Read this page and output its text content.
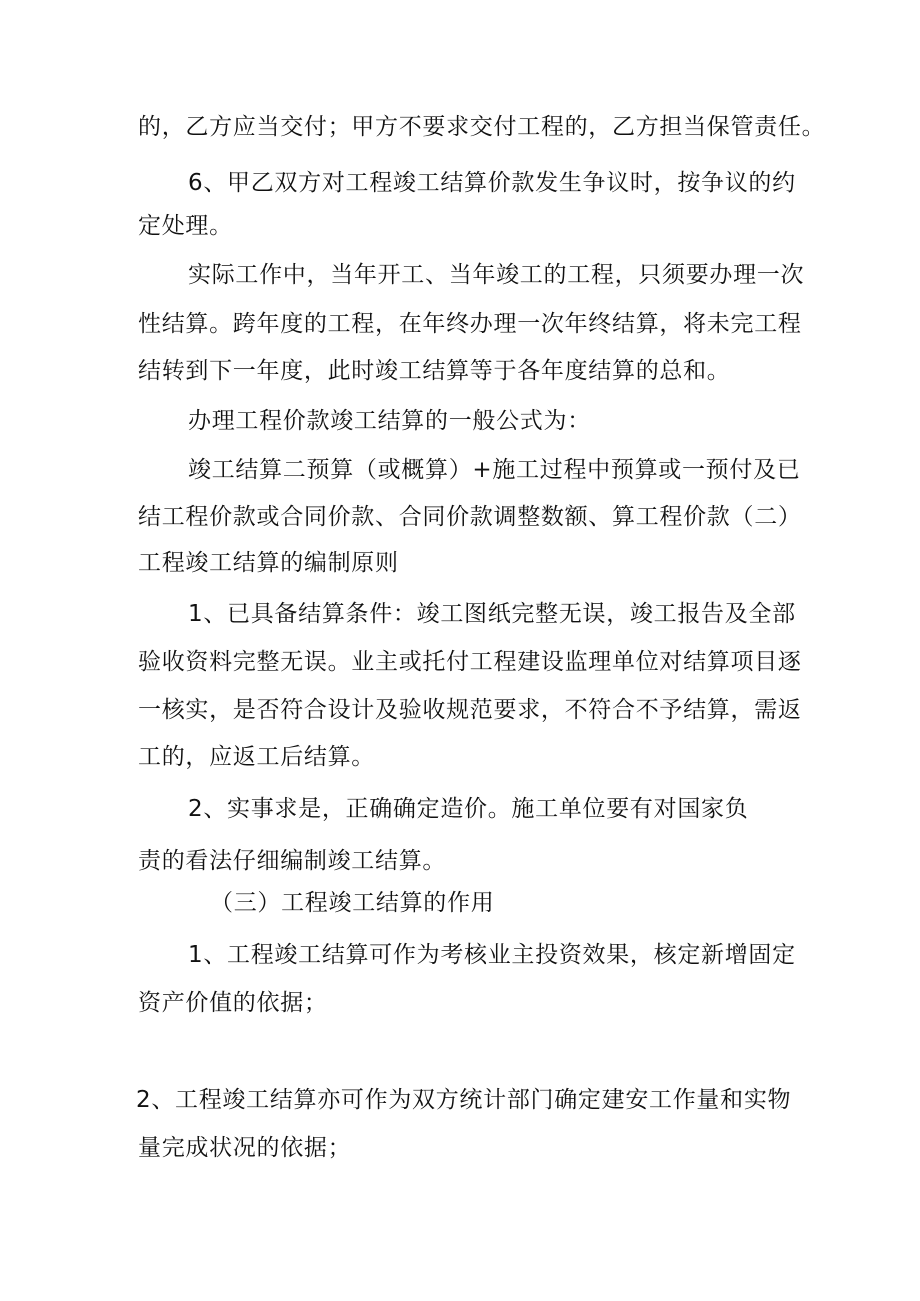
的，乙方应当交付；甲方不要求交付工程的，乙方担当保管责任。
6、甲乙双方对工程竣工结算价款发生争议时，按争议的约
定处理。
实际工作中，当年开工、当年竣工的工程，只须要办理一次
性结算。跨年度的工程，在年终办理一次年终结算，将未完工程
结转到下一年度，此时竣工结算等于各年度结算的总和。
办理工程价款竣工结算的一般公式为：
竣工结算二预算（或概算）+施工过程中预算或一预付及已
结工程价款或合同价款、合同价款调整数额、算工程价款（二）
工程竣工结算的编制原则
1、已具备结算条件：竣工图纸完整无误，竣工报告及全部
验收资料完整无误。业主或托付工程建设监理单位对结算项目逐
一核实，是否符合设计及验收规范要求，不符合不予结算，需返
工的，应返工后结算。
2、实事求是，正确确定造价。施工单位要有对国家负
责的看法仔细编制竣工结算。
（三）工程竣工结算的作用
1、工程竣工结算可作为考核业主投资效果，核定新增固定
资产价值的依据；
2、工程竣工结算亦可作为双方统计部门确定建安工作量和实物
量完成状况的依据；
